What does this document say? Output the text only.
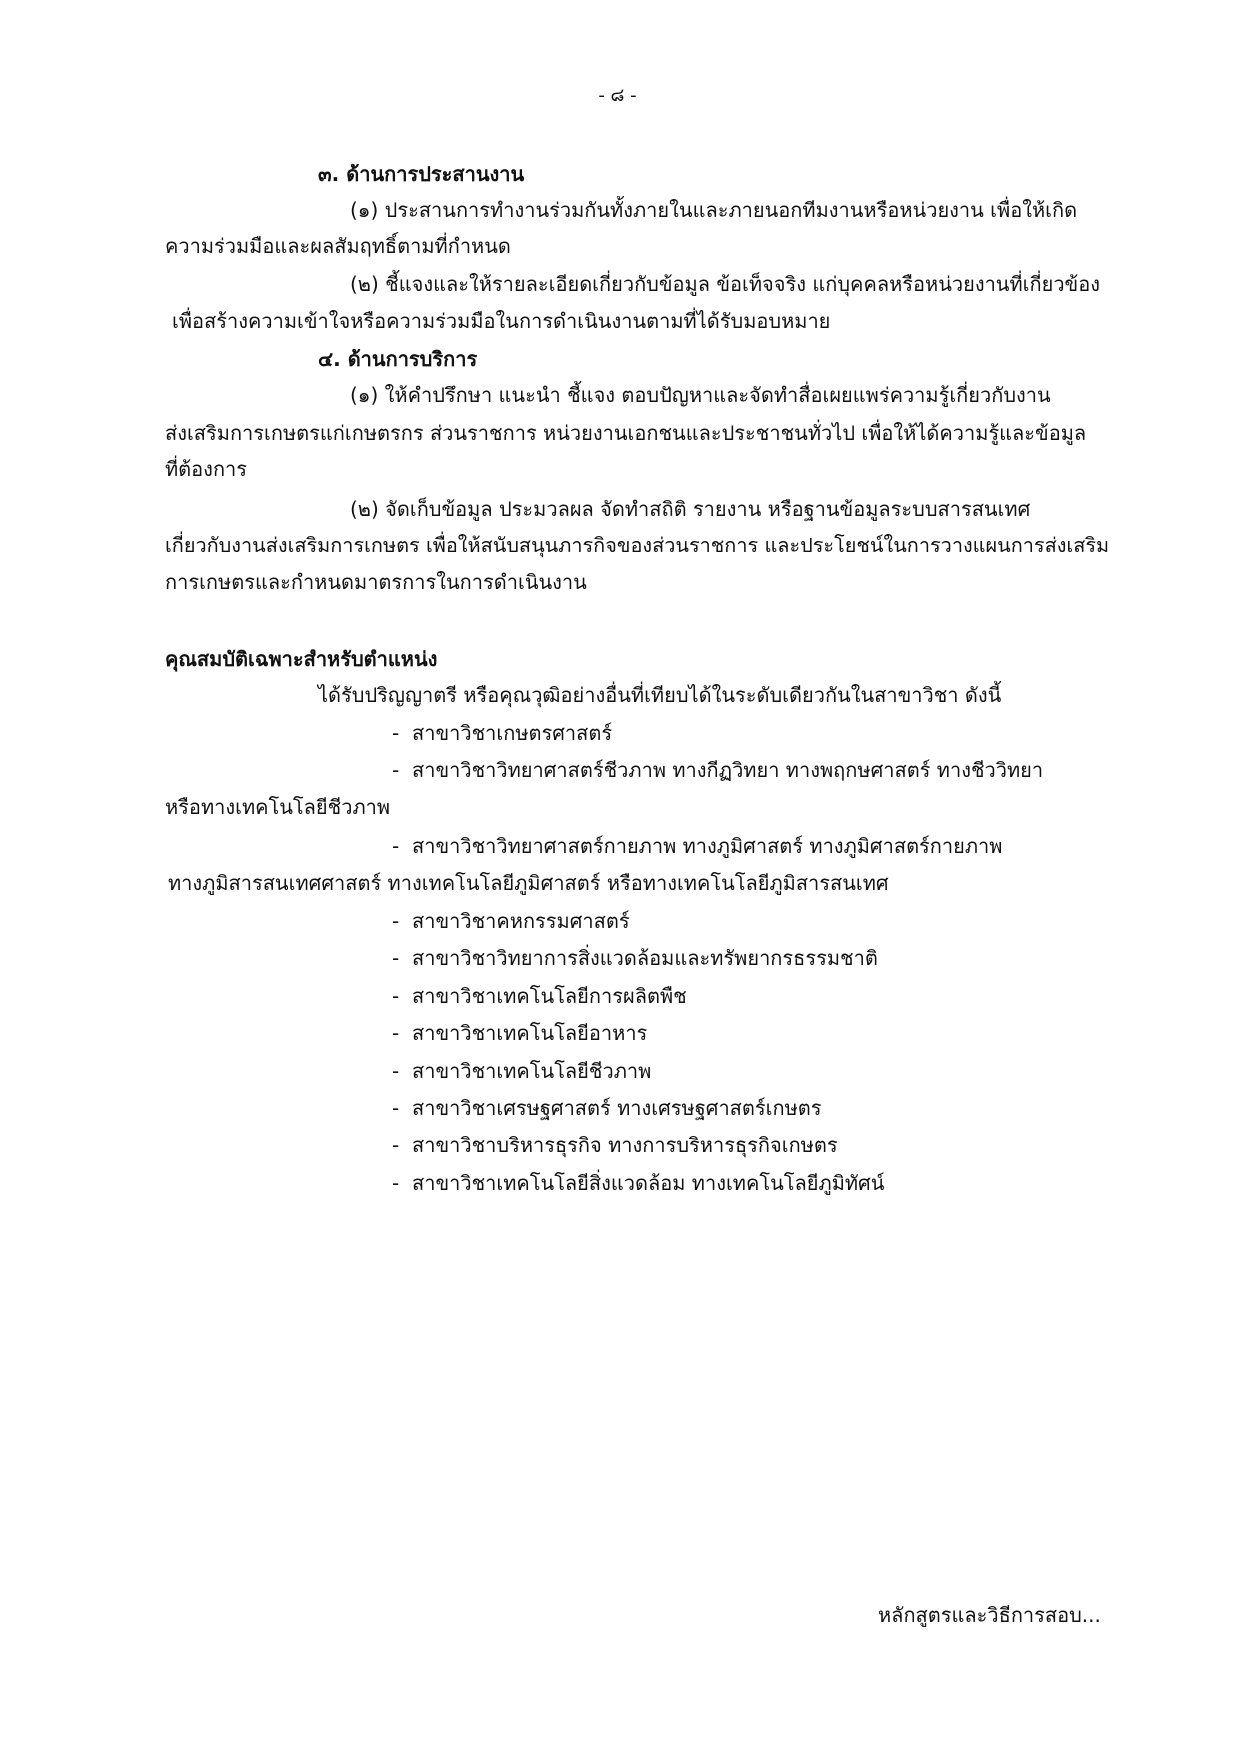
- ๘ -
๓. ด้านการประสานงาน
(๑) ประสานการทำงานร่วมกันทั้งภายในและภายนอกทีมงานหรือหน่วยงาน เพื่อให้เกิด
ความร่วมมือและผลสัมฤทธิ์ตามที่กำหนด
(๒) ชี้แจงและให้รายละเอียดเกี่ยวกับข้อมูล ข้อเท็จจริง แก่บุคคลหรือหน่วยงานที่เกี่ยวข้อง
เพื่อสร้างความเข้าใจหรือความร่วมมือในการดำเนินงานตามที่ได้รับมอบหมาย
๔. ด้านการบริการ
(๑) ให้คำปรึกษา แนะนำ ชี้แจง ตอบปัญหาและจัดทำสื่อเผยแพร่ความรู้เกี่ยวกับงาน
ส่งเสริมการเกษตรแก่เกษตรกร ส่วนราชการ หน่วยงานเอกชนและประชาชนทั่วไป เพื่อให้ได้ความรู้และข้อมูล
ที่ต้องการ
(๒) จัดเก็บข้อมูล ประมวลผล จัดทำสถิติ รายงาน หรือฐานข้อมูลระบบสารสนเทศ
เกี่ยวกับงานส่งเสริมการเกษตร เพื่อให้สนับสนุนภารกิจของส่วนราชการ และประโยชน์ในการวางแผนการส่งเสริม
การเกษตรและกำหนดมาตรการในการดำเนินงาน
คุณสมบัติเฉพาะสำหรับตำแหน่ง
ได้รับปริญญาตรี หรือคุณวุฒิอย่างอื่นที่เทียบได้ในระดับเดียวกันในสาขาวิชา ดังนี้
- สาขาวิชาเกษตรศาสตร์
- สาขาวิชาวิทยาศาสตร์ชีวภาพ ทางกีฏวิทยา ทางพฤกษศาสตร์ ทางชีววิทยา
หรือทางเทคโนโลยีชีวภาพ
- สาขาวิชาวิทยาศาสตร์กายภาพ ทางภูมิศาสตร์ ทางภูมิศาสตร์กายภาพ
ทางภูมิสารสนเทศศาสตร์ ทางเทคโนโลยีภูมิศาสตร์ หรือทางเทคโนโลยีภูมิสารสนเทศ
- สาขาวิชาคหกรรมศาสตร์
- สาขาวิชาวิทยาการสิ่งแวดล้อมและทรัพยากรธรรมชาติ
- สาขาวิชาเทคโนโลยีการผลิตพืช
- สาขาวิชาเทคโนโลยีอาหาร
- สาขาวิชาเทคโนโลยีชีวภาพ
- สาขาวิชาเศรษฐศาสตร์ ทางเศรษฐศาสตร์เกษตร
- สาขาวิชาบริหารธุรกิจ ทางการบริหารธุรกิจเกษตร
- สาขาวิชาเทคโนโลยีสิ่งแวดล้อม ทางเทคโนโลยีภูมิทัศน์
หลักสูตรและวิธีการสอบ...
